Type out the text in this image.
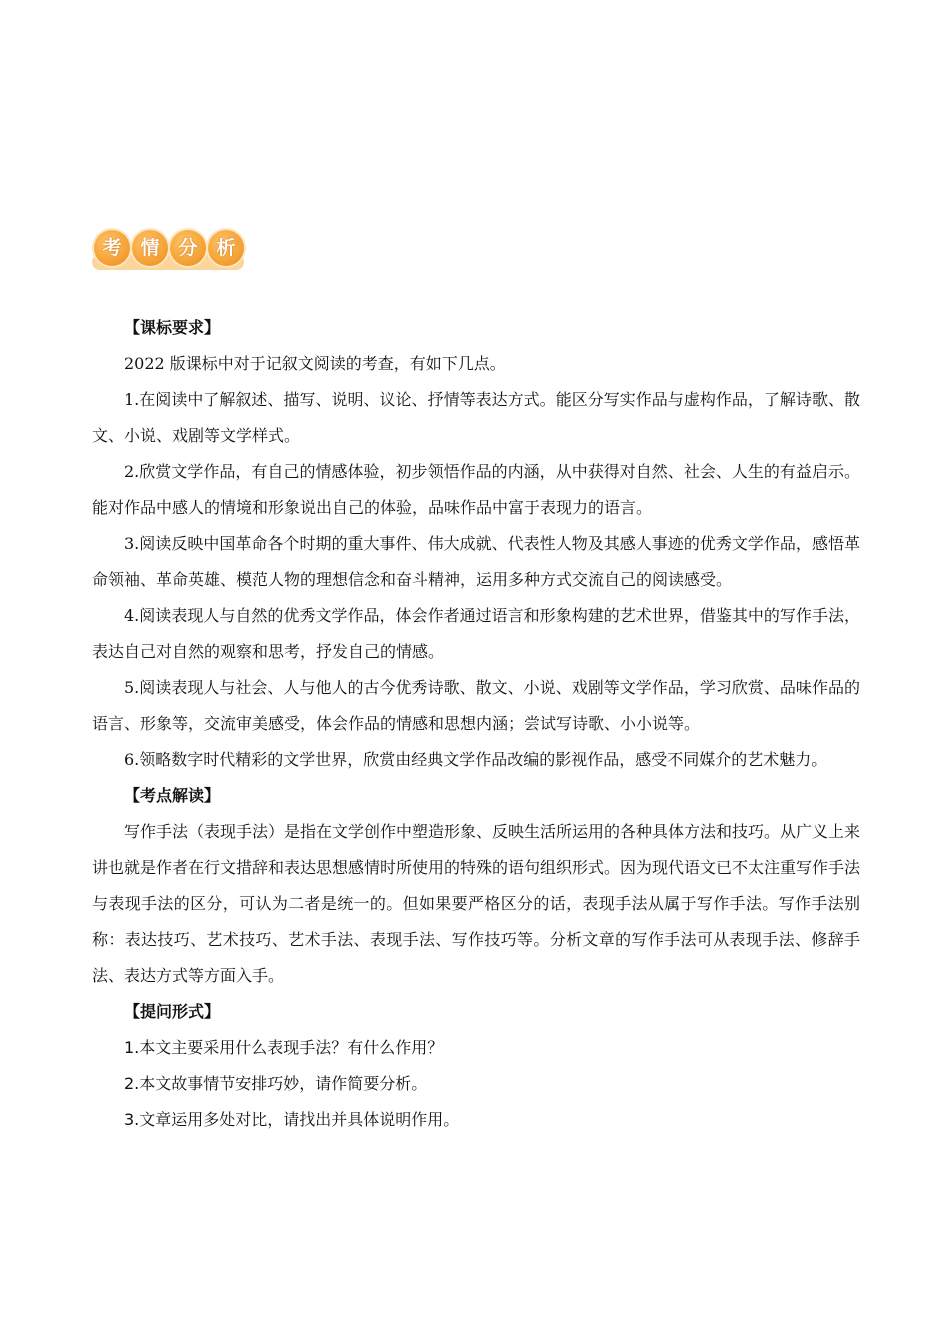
考 情 分 析

【课标要求】

2022 版课标中对于记叙文阅读的考查，有如下几点。

1.在阅读中了解叙述、描写、说明、议论、抒情等表达方式。能区分写实作品与虚构作品，了解诗歌、散文、小说、戏剧等文学样式。

2.欣赏文学作品，有自己的情感体验，初步领悟作品的内涵，从中获得对自然、社会、人生的有益启示。能对作品中感人的情境和形象说出自己的体验，品味作品中富于表现力的语言。

3.阅读反映中国革命各个时期的重大事件、伟大成就、代表性人物及其感人事迹的优秀文学作品，感悟革命领袖、革命英雄、模范人物的理想信念和奋斗精神，运用多种方式交流自己的阅读感受。

4.阅读表现人与自然的优秀文学作品，体会作者通过语言和形象构建的艺术世界，借鉴其中的写作手法，表达自己对自然的观察和思考，抒发自己的情感。

5.阅读表现人与社会、人与他人的古今优秀诗歌、散文、小说、戏剧等文学作品，学习欣赏、品味作品的语言、形象等，交流审美感受，体会作品的情感和思想内涵；尝试写诗歌、小小说等。

6.领略数字时代精彩的文学世界，欣赏由经典文学作品改编的影视作品，感受不同媒介的艺术魅力。

【考点解读】

写作手法（表现手法）是指在文学创作中塑造形象、反映生活所运用的各种具体方法和技巧。从广义上来讲也就是作者在行文措辞和表达思想感情时所使用的特殊的语句组织形式。因为现代语文已不太注重写作手法与表现手法的区分，可认为二者是统一的。但如果要严格区分的话，表现手法从属于写作手法。写作手法别称：表达技巧、艺术技巧、艺术手法、表现手法、写作技巧等。分析文章的写作手法可从表现手法、修辞手法、表达方式等方面入手。

【提问形式】

1.本文主要采用什么表现手法？有什么作用？

2.本文故事情节安排巧妙，请作简要分析。

3.文章运用多处对比，请找出并具体说明作用。
